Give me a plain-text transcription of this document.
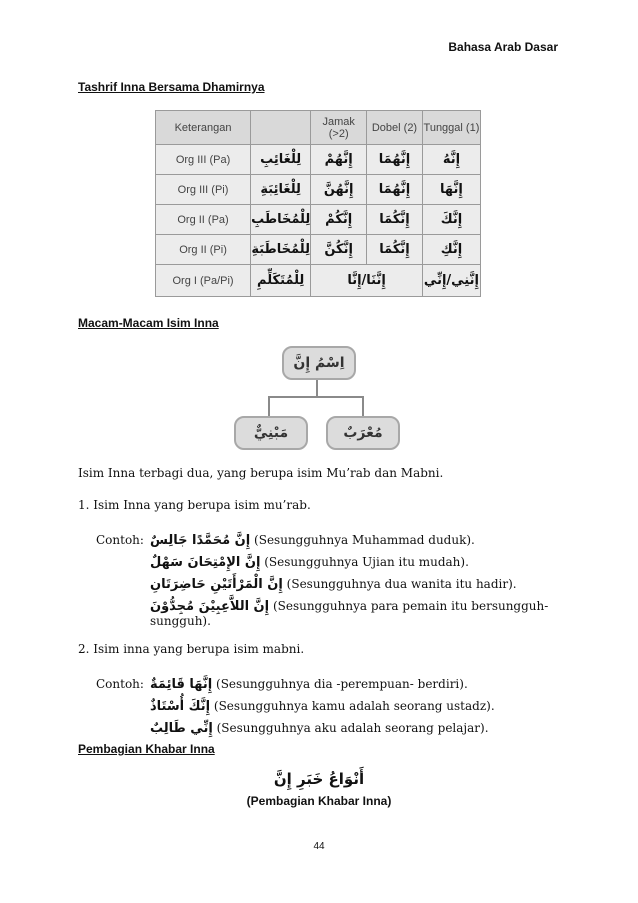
Bahasa Arab Dasar
Tashrif Inna Bersama Dhamirnya
Keterangan		Jamak (>2)	Dobel (2)	Tunggal (1)
Org III (Pa)	لِلْغَائِبِ	إِنَّهُمْ	إِنَّهُمَا	إِنَّهُ
Org III (Pi)	لِلْغَائِبَةِ	إِنَّهُنَّ	إِنَّهُمَا	إِنَّهَا
Org II (Pa)	لِلْمُخَاطَبِ	إِنَّكُمْ	إِنَّكُمَا	إِنَّكَ
Org II (Pi)	لِلْمُخَاطَبَةِ	إِنَّكُنَّ	إِنَّكُمَا	إِنَّكِ
Org I (Pa/Pi)	لِلْمُتَكَلِّمِ	إِنَّنَا/إِنَّا		إِنَّنِي/إِنِّي
Macam-Macam Isim Inna
اِسْمُ إِنَّ
مَبْنِيٌّ	مُعْرَبٌ
Isim Inna terbagi dua, yang berupa isim Mu’rab dan Mabni.
1. Isim Inna yang berupa isim mu’rab.
Contoh: إِنَّ مُحَمَّدًا جَالِسٌ (Sesungguhnya Muhammad duduk).
إِنَّ الإِمْتِحَانَ سَهْلٌ (Sesungguhnya Ujian itu mudah).
إِنَّ الْمَرْأَتَيْنِ حَاضِرَتَانِ (Sesungguhnya dua wanita itu hadir).
إِنَّ اللاَّعِبِيْنَ مُجِدُّوْنَ (Sesungguhnya para pemain itu bersungguh-
sungguh).
2. Isim inna yang berupa isim mabni.
Contoh: إِنَّهَا قَائِمَةٌ (Sesungguhnya dia -perempuan- berdiri).
إِنَّكَ أُسْتَاذٌ (Sesungguhnya kamu adalah seorang ustadz).
إِنِّي طَالِبٌ (Sesungguhnya aku adalah seorang pelajar).
Pembagian Khabar Inna
أَنْوَاعُ خَبَرِ إِنَّ
(Pembagian Khabar Inna)
44
